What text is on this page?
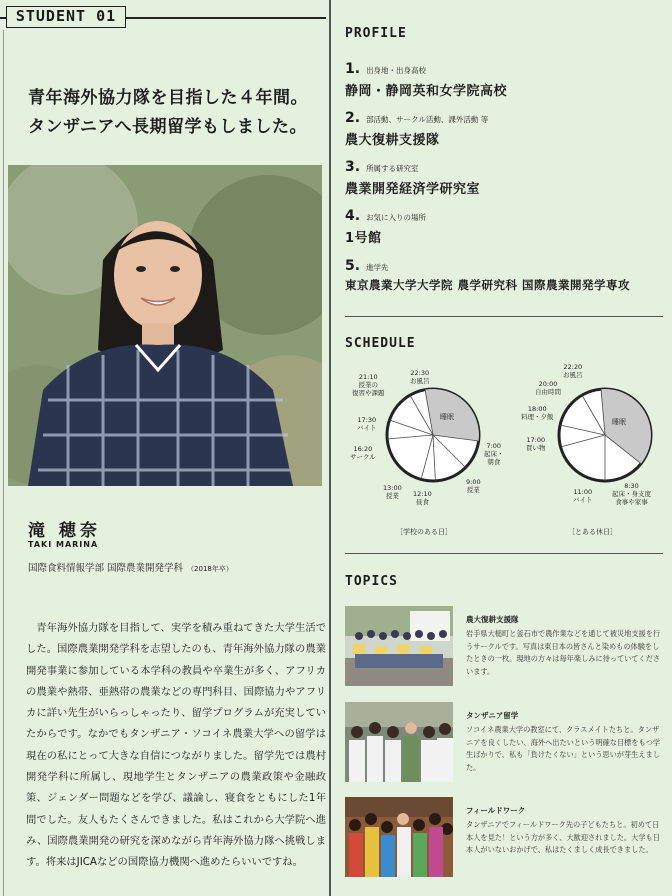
STUDENT 01
青年海外協力隊を目指した４年間。
タンザニアへ長期留学もしました。
滝 穂奈
TAKI MARINA
国際食料情報学部 国際農業開発学科 （2018年卒）
青年海外協力隊を目指して、実学を積み重ねてきた大学生活でした。国際農業開発学科を志望したのも、青年海外協力隊の農業開発事業に参加している本学科の教員や卒業生が多く、アフリカの農業や熱帯、亜熱帯の農業などの専門科目、国際協力やアフリカに詳い先生がいらっしゃったり、留学プログラムが充実していたからです。なかでもタンザニア・ソコイネ農業大学への留学は現在の私にとって大きな自信につながりました。留学先では農村開発学科に所属し、現地学生とタンザニアの農業政策や金融政策、ジェンダー問題などを学び、議論し、寝食をともにした1年間でした。友人もたくさんできました。私はこれから大学院へ進み、国際農業開発の研究を深めながら青年海外協力隊へ挑戦します。将来はJICAなどの国際協力機関へ進めたらいいですね。
PROFILE
1. 出身地・出身高校
静岡・静岡英和女学院高校
2. 部活動、サークル活動、課外活動 等
農大復耕支援隊
3. 所属する研究室
農業開発経済学研究室
4. お気に入りの場所
1号館
5. 進学先
東京農業大学大学院 農学研究科 国際農業開発学専攻
SCHEDULE
睡眠
睡眠
21:10
授業の
復習や課題
22:30
お風呂
17:30
バイト
16:20
サークル
7:00
起床・
朝食
9:00
授業
13:00
授業	12:10
昼食
22:20
お風呂
20:00
自由時間
18:00
料理・夕飯
17:00
買い物
11:00
バイト
8:30
起床・身支度
食事や家事
［学校のある日］	［とある休日］
TOPICS
農大復耕支援隊
岩手県大槌町と釜石市で農作業などを通じて被災地支援を行うサークルです。写真は東日本の皆さんと染めもの体験をしたときの一枚。現地の方々は毎年楽しみに待っていてくださいます。
タンザニア留学
ソコイネ農業大学の教室にて、クラスメイトたちと。タンザニアを良くしたい、海外へ出たいという明確な目標をもつ学生ばかりで、私も「負けたくない」という思いが芽生えました。
フィールドワーク
タンザニアでフィールドワーク先の子どもたちと。初めて日本人を見た！という方が多く、大歓迎されました。大学も日本人がいないおかげで、私はたくましく成長できました。
